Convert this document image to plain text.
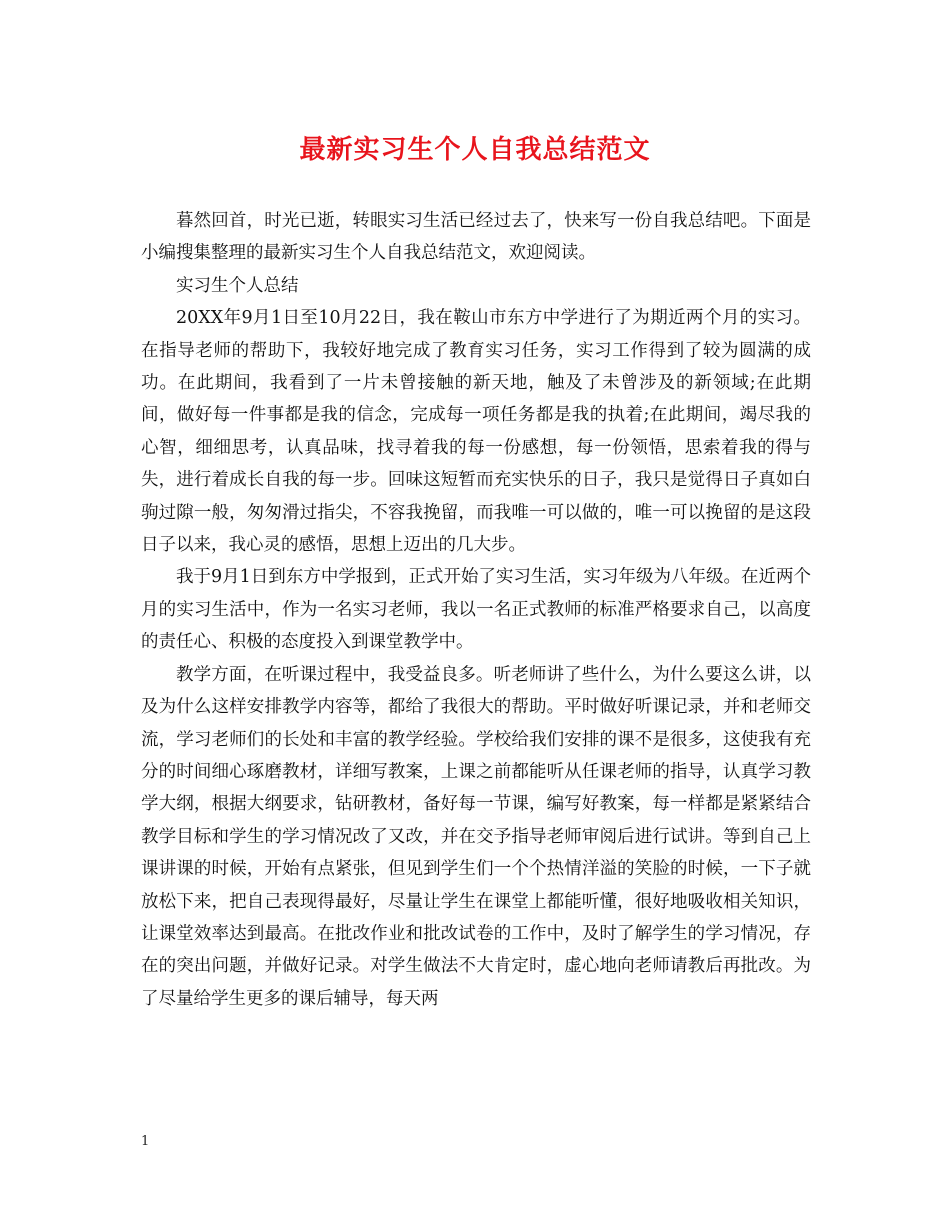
最新实习生个人自我总结范文

暮然回首，时光已逝，转眼实习生活已经过去了，快来写一份自我总结吧。下面是小编搜集整理的最新实习生个人自我总结范文，欢迎阅读。

实习生个人总结

20XX年9月1日至10月22日，我在鞍山市东方中学进行了为期近两个月的实习。在指导老师的帮助下，我较好地完成了教育实习任务，实习工作得到了较为圆满的成功。在此期间，我看到了一片未曾接触的新天地，触及了未曾涉及的新领域;在此期间，做好每一件事都是我的信念，完成每一项任务都是我的执着;在此期间，竭尽我的心智，细细思考，认真品味，找寻着我的每一份感想，每一份领悟，思索着我的得与失，进行着成长自我的每一步。回味这短暂而充实快乐的日子，我只是觉得日子真如白驹过隙一般，匆匆滑过指尖，不容我挽留，而我唯一可以做的，唯一可以挽留的是这段日子以来，我心灵的感悟，思想上迈出的几大步。

我于9月1日到东方中学报到，正式开始了实习生活，实习年级为八年级。在近两个月的实习生活中，作为一名实习老师，我以一名正式教师的标准严格要求自己，以高度的责任心、积极的态度投入到课堂教学中。

教学方面，在听课过程中，我受益良多。听老师讲了些什么，为什么要这么讲，以及为什么这样安排教学内容等，都给了我很大的帮助。平时做好听课记录，并和老师交流，学习老师们的长处和丰富的教学经验。学校给我们安排的课不是很多，这使我有充分的时间细心琢磨教材，详细写教案，上课之前都能听从任课老师的指导，认真学习教学大纲，根据大纲要求，钻研教材，备好每一节课，编写好教案，每一样都是紧紧结合教学目标和学生的学习情况改了又改，并在交予指导老师审阅后进行试讲。等到自己上课讲课的时候，开始有点紧张，但见到学生们一个个热情洋溢的笑脸的时候，一下子就放松下来，把自己表现得最好，尽量让学生在课堂上都能听懂，很好地吸收相关知识，让课堂效率达到最高。在批改作业和批改试卷的工作中，及时了解学生的学习情况，存在的突出问题，并做好记录。对学生做法不大肯定时，虚心地向老师请教后再批改。为了尽量给学生更多的课后辅导，每天两

1
